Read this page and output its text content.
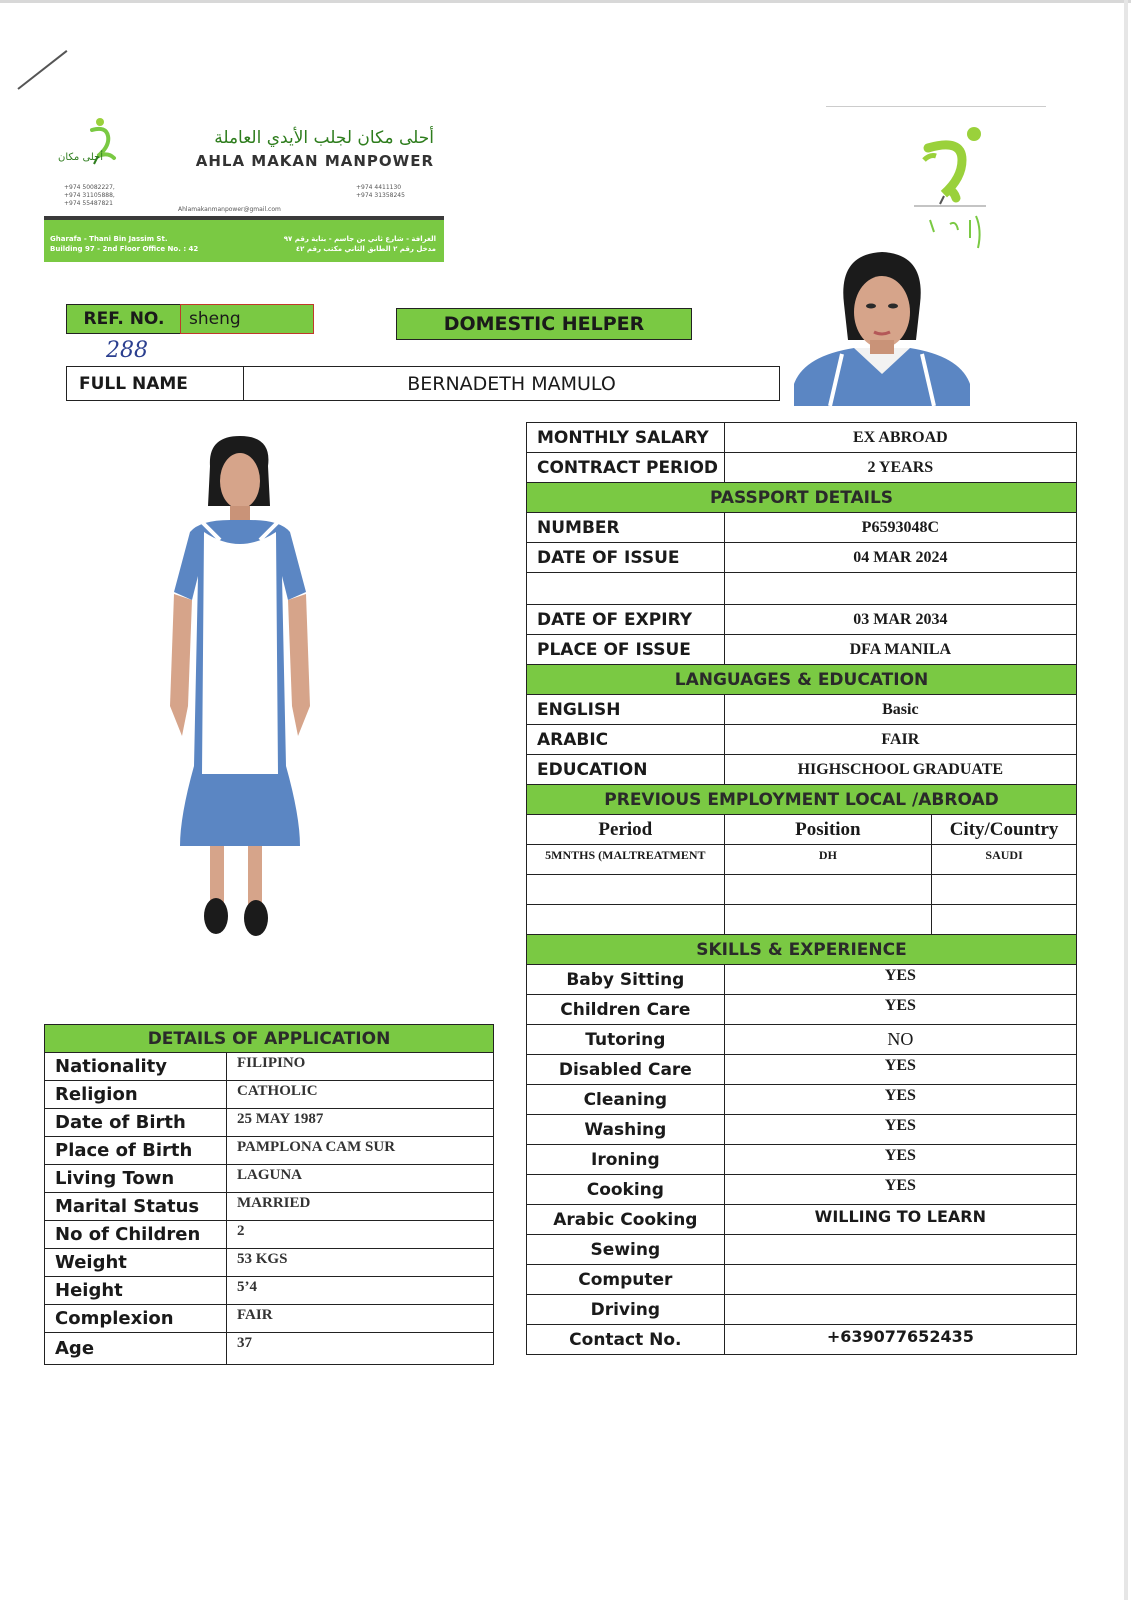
أحلى مكان
أحلى مكان لجلب الأيدي العاملة
AHLA MAKAN MANPOWER
+974 50082227,
+974 31105888,
+974 55487821
Ahlamakanmanpower@gmail.com
+974 4411130
+974 31358245
Gharafa - Thani Bin Jassim St.
Building 97 - 2nd Floor Office No. : 42
الغرافة - شارع ثاني بن جاسم - بناية رقم ٩٧
مدخل رقم ٢ الطابق الثاني مكتب رقم ٤٢
REF. NO.	sheng
288
DOMESTIC HELPER
FULL NAME	BERNADETH MAMULO
MONTHLY SALARY	EX ABROAD	
CONTRACT PERIOD	2 YEARS	
PASSPORT DETAILS		
NUMBER	P6593048C	
DATE OF ISSUE	04 MAR 2024	

DATE OF EXPIRY	03 MAR 2034	
PLACE OF ISSUE	DFA MANILA	
LANGUAGES & EDUCATION		
ENGLISH	Basic	
ARABIC	FAIR	
EDUCATION	HIGHSCHOOL GRADUATE	
PREVIOUS EMPLOYMENT LOCAL /ABROAD		
Period	Position	City/Country
5MNTHS (MALTREATMENT	DH	SAUDI

SKILLS & EXPERIENCE		
Baby Sitting	YES	
Children Care	YES	
Tutoring	NO	
Disabled Care	YES	
Cleaning	YES	
Washing	YES	
Ironing	YES	
Cooking	YES	
Arabic Cooking	WILLING TO LEARN	
Sewing		
Computer		
Driving		
Contact No.	+639077652435	
DETAILS OF APPLICATION	
Nationality	FILIPINO
Religion	CATHOLIC
Date of Birth	25 MAY 1987
Place of Birth	PAMPLONA CAM SUR
Living Town	LAGUNA
Marital Status	MARRIED
No of Children	2
Weight	53 KGS
Height	5’4
Complexion	FAIR
Age	37
